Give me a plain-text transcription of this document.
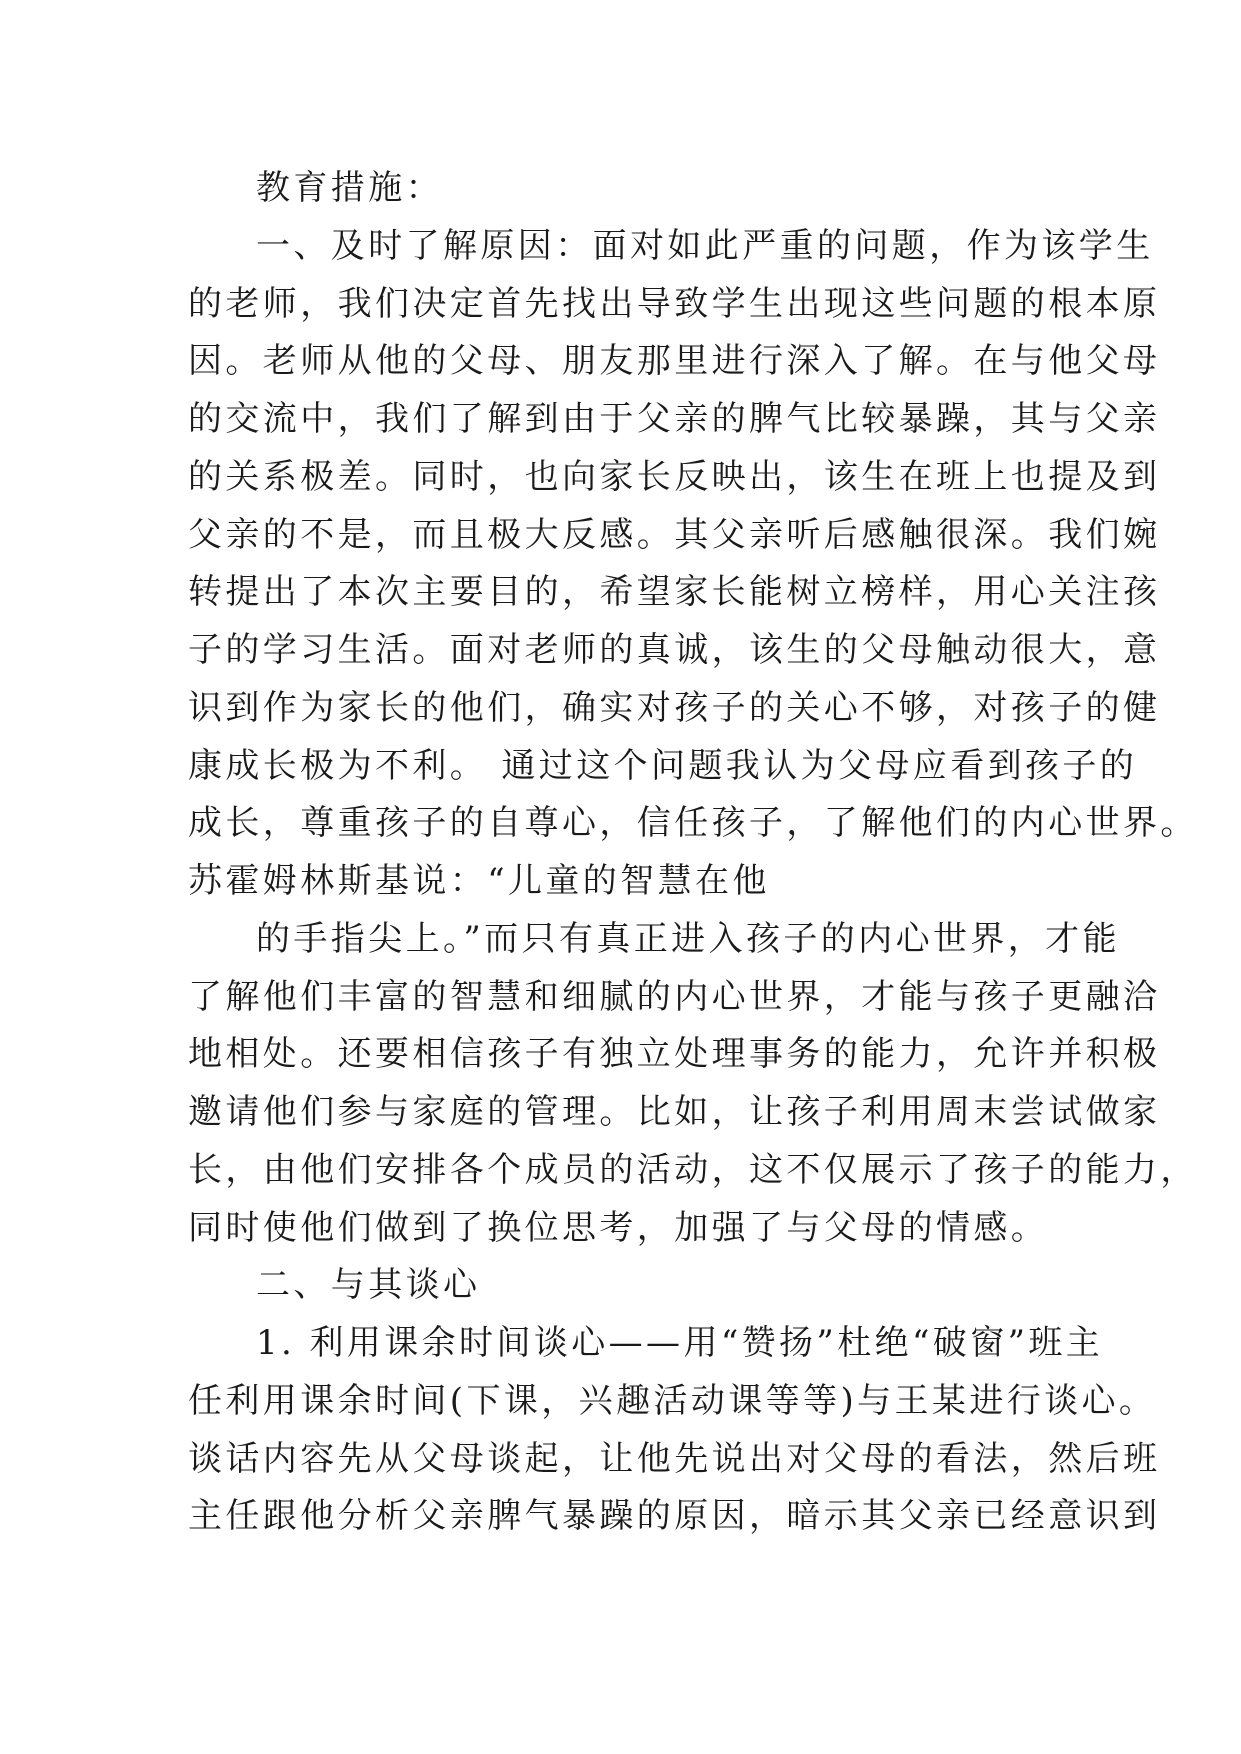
教育措施：
一、及时了解原因：面对如此严重的问题，作为该学生
的老师，我们决定首先找出导致学生出现这些问题的根本原
因。老师从他的父母、朋友那里进行深入了解。在与他父母
的交流中，我们了解到由于父亲的脾气比较暴躁，其与父亲
的关系极差。同时，也向家长反映出，该生在班上也提及到
父亲的不是，而且极大反感。其父亲听后感触很深。我们婉
转提出了本次主要目的，希望家长能树立榜样，用心关注孩
子的学习生活。面对老师的真诚，该生的父母触动很大，意
识到作为家长的他们，确实对孩子的关心不够，对孩子的健
康成长极为不利。 通过这个问题我认为父母应看到孩子的
成长，尊重孩子的自尊心，信任孩子，了解他们的内心世界。
苏霍姆林斯基说：“儿童的智慧在他
的手指尖上。”而只有真正进入孩子的内心世界，才能
了解他们丰富的智慧和细腻的内心世界，才能与孩子更融洽
地相处。还要相信孩子有独立处理事务的能力，允许并积极
邀请他们参与家庭的管理。比如，让孩子利用周末尝试做家
长，由他们安排各个成员的活动，这不仅展示了孩子的能力，
同时使他们做到了换位思考，加强了与父母的情感。
二、与其谈心
1. 利用课余时间谈心——用“赞扬”杜绝“破窗”班主
任利用课余时间(下课，兴趣活动课等等)与王某进行谈心。
谈话内容先从父母谈起，让他先说出对父母的看法，然后班
主任跟他分析父亲脾气暴躁的原因，暗示其父亲已经意识到
